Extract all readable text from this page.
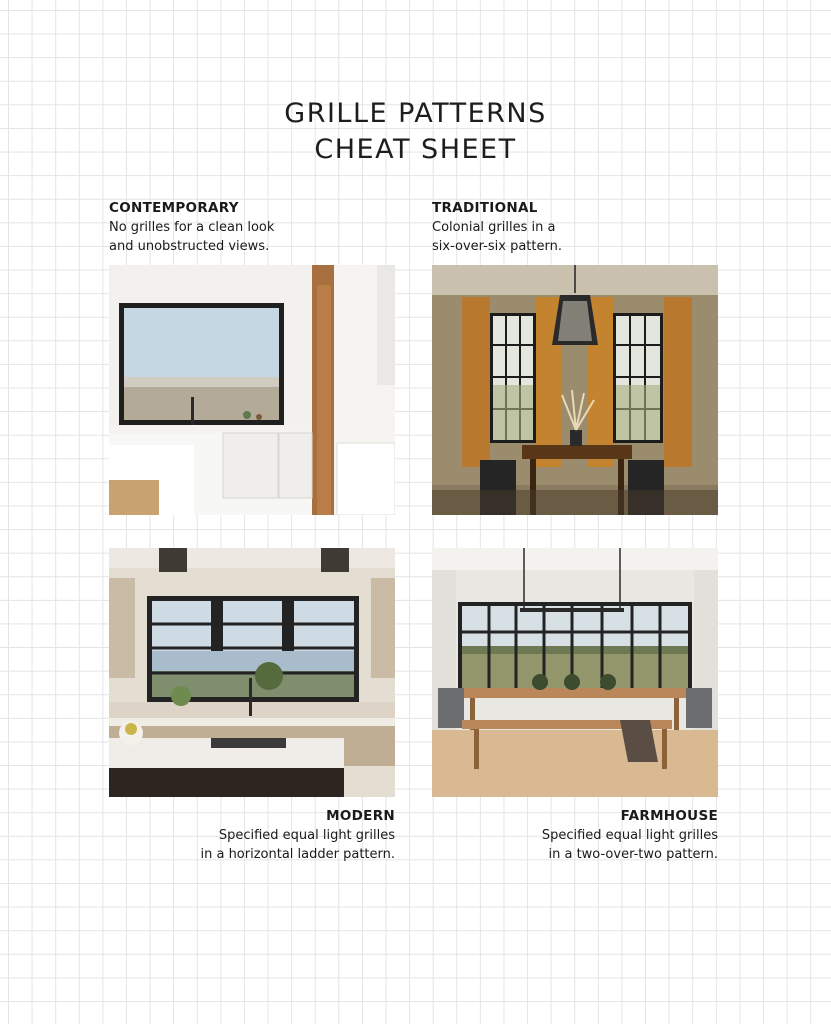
GRILLE PATTERNS
CHEAT SHEET
CONTEMPORARY
No grilles for a clean look
and unobstructed views.
TRADITIONAL
Colonial grilles in a
six-over-six pattern.
MODERN
Specified equal light grilles
in a horizontal ladder pattern.
FARMHOUSE
Specified equal light grilles
in a two-over-two pattern.
